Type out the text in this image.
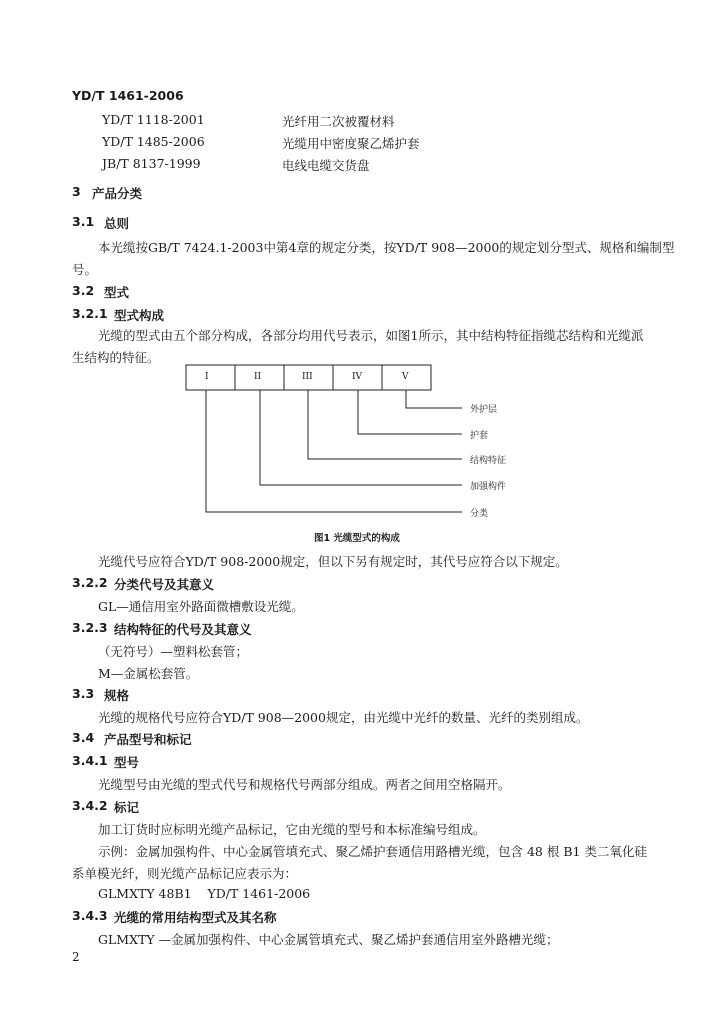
YD/T 1461-2006
YD/T 1118-2001	光纤用二次被覆材料
YD/T 1485-2006	光缆用中密度聚乙烯护套
JB/T 8137-1999	电线电缆交货盘
3 产品分类
3.1 总则
本光缆按GB/T 7424.1-2003中第4章的规定分类，按YD/T 908—2000的规定划分型式、规格和编制型
号。
3.2 型式
3.2.1 型式构成
光缆的型式由五个部分构成，各部分均用代号表示，如图1所示，其中结构特征指缆芯结构和光缆派
生结构的特征。
I	II	III	IV	V
外护层
护套
结构特征
加强构件
分类
图1 光缆型式的构成
光缆代号应符合YD/T 908-2000规定，但以下另有规定时，其代号应符合以下规定。
3.2.2 分类代号及其意义
GL—通信用室外路面微槽敷设光缆。
3.2.3 结构特征的代号及其意义
（无符号）—塑料松套管；
M—金属松套管。
3.3 规格
光缆的规格代号应符合YD/T 908—2000规定，由光缆中光纤的数量、光纤的类别组成。
3.4 产品型号和标记
3.4.1 型号
光缆型号由光缆的型式代号和规格代号两部分组成。两者之间用空格隔开。
3.4.2 标记
加工订货时应标明光缆产品标记，它由光缆的型号和本标准编号组成。
示例：金属加强构件、中心金属管填充式、聚乙烯护套通信用路槽光缆，包含 48 根 B1 类二氧化硅
系单模光纤，则光缆产品标记应表示为：
GLMXTY 48B1    YD/T 1461-2006
3.4.3 光缆的常用结构型式及其名称
GLMXTY —金属加强构件、中心金属管填充式、聚乙烯护套通信用室外路槽光缆；
2
